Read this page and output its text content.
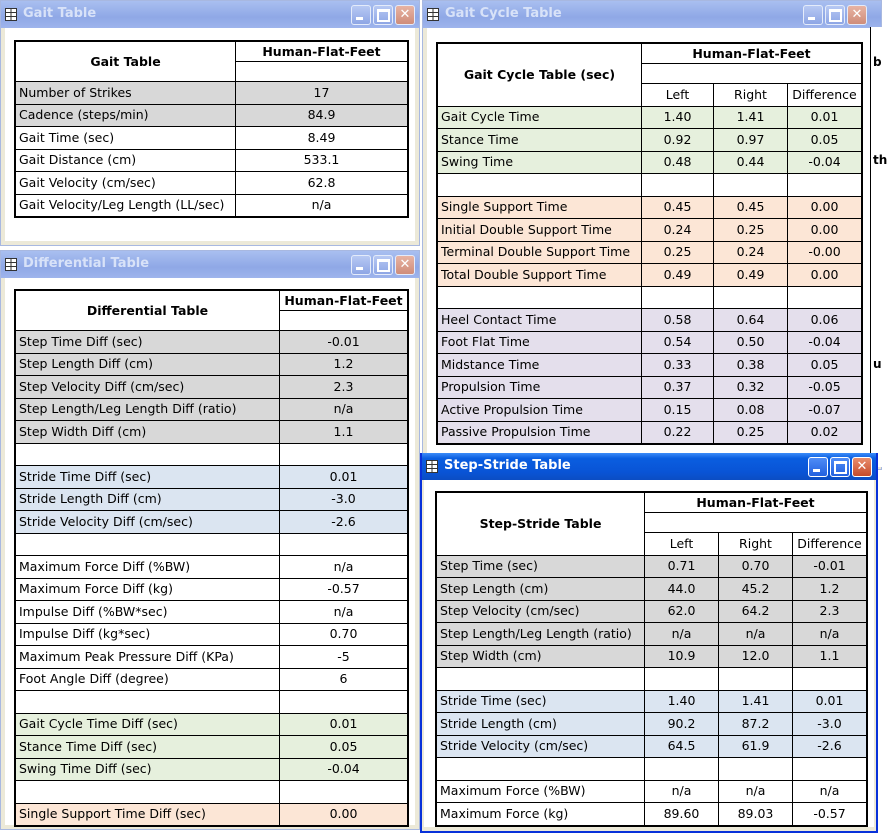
Gait Table	✕
Gait Table	Human-Flat-Feet

Number of Strikes	17
Cadence (steps/min)	84.9
Gait Time (sec)	8.49
Gait Distance (cm)	533.1
Gait Velocity (cm/sec)	62.8
Gait Velocity/Leg Length (LL/sec)	n/a
Differential Table	✕
Differential Table	Human-Flat-Feet

Step Time Diff (sec)	-0.01
Step Length Diff (cm)	1.2
Step Velocity Diff (cm/sec)	2.3
Step Length/Leg Length Diff (ratio)	n/a
Step Width Diff (cm)	1.1

Stride Time Diff (sec)	0.01
Stride Length Diff (cm)	-3.0
Stride Velocity Diff (cm/sec)	-2.6

Maximum Force Diff (%BW)	n/a
Maximum Force Diff (kg)	-0.57
Impulse Diff (%BW*sec)	n/a
Impulse Diff (kg*sec)	0.70
Maximum Peak Pressure Diff (KPa)	-5
Foot Angle Diff (degree)	6

Gait Cycle Time Diff (sec)	0.01
Stance Time Diff (sec)	0.05
Swing Time Diff (sec)	-0.04

Single Support Time Diff (sec)	0.00
Gait Cycle Table	✕
Gait Cycle Table (sec)	Human-Flat-Feet		

	Left	Right	Difference
Gait Cycle Time	1.40	1.41	0.01
Stance Time	0.92	0.97	0.05
Swing Time	0.48	0.44	-0.04

Single Support Time	0.45	0.45	0.00
Initial Double Support Time	0.24	0.25	0.00
Terminal Double Support Time	0.25	0.24	-0.00
Total Double Support Time	0.49	0.49	0.00

Heel Contact Time	0.58	0.64	0.06
Foot Flat Time	0.54	0.50	-0.04
Midstance Time	0.33	0.38	0.05
Propulsion Time	0.37	0.32	-0.05
Active Propulsion Time	0.15	0.08	-0.07
Passive Propulsion Time	0.22	0.25	0.02
b
th
u
Step-Stride Table	✕
Step-Stride Table	Human-Flat-Feet		

	Left	Right	Difference
Step Time (sec)	0.71	0.70	-0.01
Step Length (cm)	44.0	45.2	1.2
Step Velocity (cm/sec)	62.0	64.2	2.3
Step Length/Leg Length (ratio)	n/a	n/a	n/a
Step Width (cm)	10.9	12.0	1.1

Stride Time (sec)	1.40	1.41	0.01
Stride Length (cm)	90.2	87.2	-3.0
Stride Velocity (cm/sec)	64.5	61.9	-2.6

Maximum Force (%BW)	n/a	n/a	n/a
Maximum Force (kg)	89.60	89.03	-0.57
